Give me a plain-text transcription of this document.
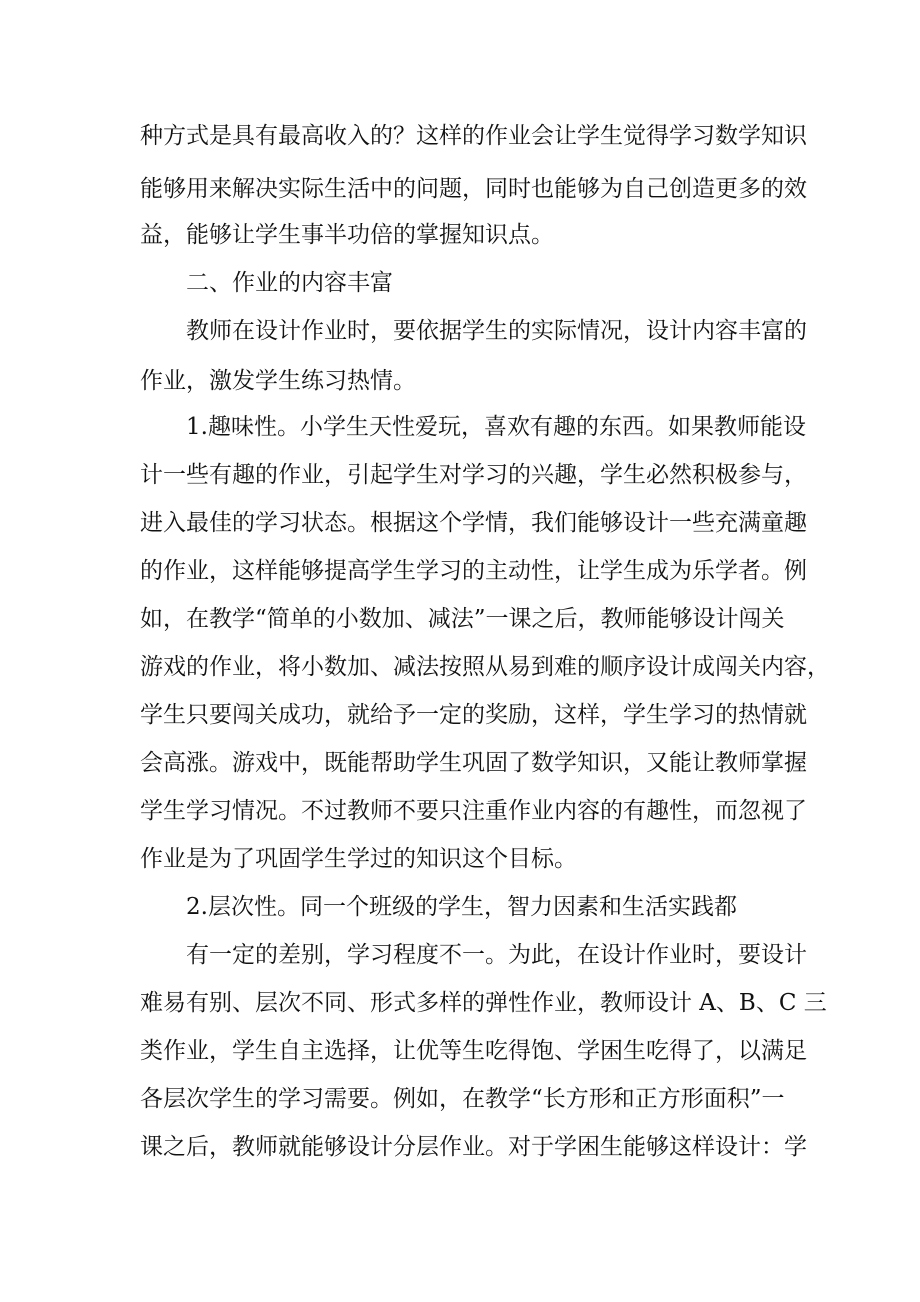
种方式是具有最高收入的？这样的作业会让学生觉得学习数学知识
能够用来解决实际生活中的问题，同时也能够为自己创造更多的效
益，能够让学生事半功倍的掌握知识点。
二、作业的内容丰富
教师在设计作业时，要依据学生的实际情况，设计内容丰富的
作业，激发学生练习热情。
1.趣味性。小学生天性爱玩，喜欢有趣的东西。如果教师能设
计一些有趣的作业，引起学生对学习的兴趣，学生必然积极参与，
进入最佳的学习状态。根据这个学情，我们能够设计一些充满童趣
的作业，这样能够提高学生学习的主动性，让学生成为乐学者。例
如，在教学“简单的小数加、减法”一课之后，教师能够设计闯关
游戏的作业，将小数加、减法按照从易到难的顺序设计成闯关内容，
学生只要闯关成功，就给予一定的奖励，这样，学生学习的热情就
会高涨。游戏中，既能帮助学生巩固了数学知识，又能让教师掌握
学生学习情况。不过教师不要只注重作业内容的有趣性，而忽视了
作业是为了巩固学生学过的知识这个目标。
2.层次性。同一个班级的学生，智力因素和生活实践都
有一定的差别，学习程度不一。为此，在设计作业时，要设计
难易有别、层次不同、形式多样的弹性作业，教师设计 A、B、C 三
类作业，学生自主选择，让优等生吃得饱、学困生吃得了，以满足
各层次学生的学习需要。例如，在教学“长方形和正方形面积”一
课之后，教师就能够设计分层作业。对于学困生能够这样设计：学
